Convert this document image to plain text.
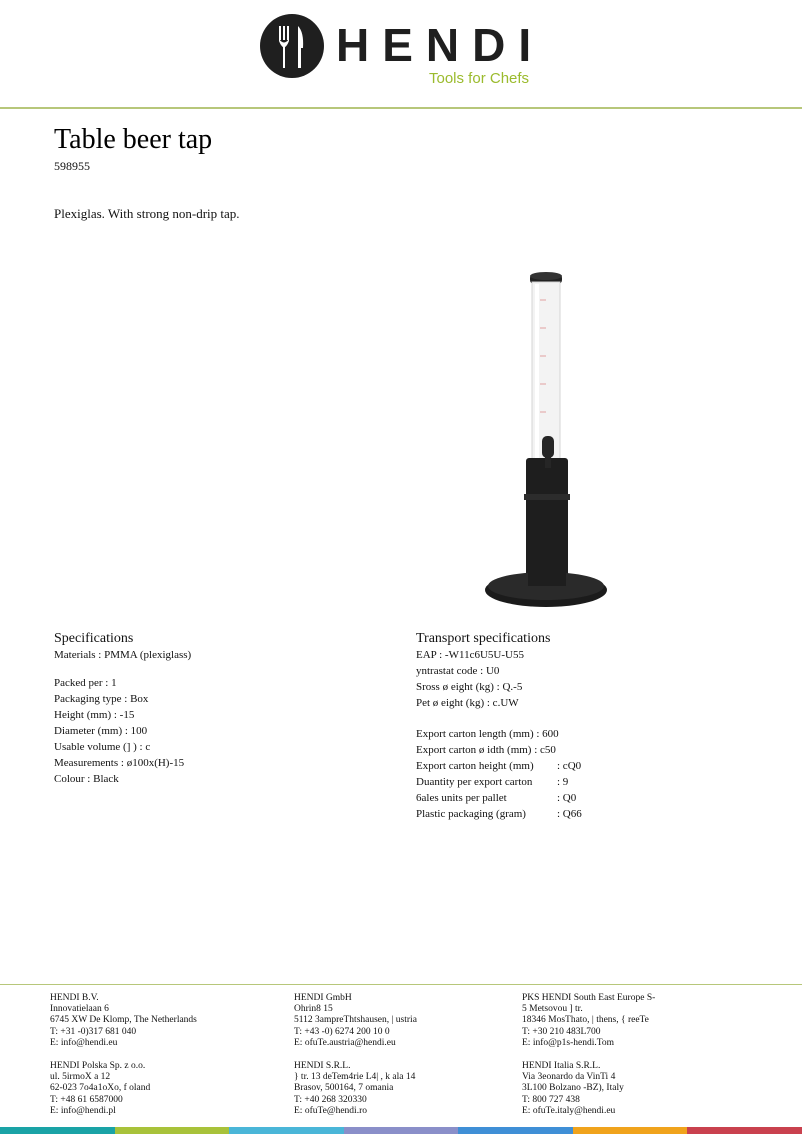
HENDI
Tools for Chefs
Table beer tap
598955
Plexiglas. With strong non-drip tap.
Specifications
Materials : PMMA (plexiglass)
Packed per : 1
Packaging type : Box
Height (mm) : -15
Diameter (mm) : 100
Usable volume (] ) : c
Measurements : ø100x(H)-15
Colour : Black
Transport specifications
EAP : -W11c6U5U-U55
yntrastat code : U0
Sross ø eight (kg) : Q.-5
Pet ø eight (kg) : c.UW
Export carton length (mm) : 600
Export carton ø idth (mm) : c50
Export carton height (mm) : cQ0
Duantity per export carton : 9
6ales units per pallet	: Q0
Plastic packaging (gram)	: Q66
HENDI B.V.
Innovatielaan 6
6745 XW De Klomp, The Netherlands
T: +31 -0)317 681 040
E: info@hendi.eu
HENDI GmbH
Ohrin8 15
5112 3ampreThtshausen, | ustria
T: +43 -0) 6274 200 10 0
E: ofuTe.austria@hendi.eu
PKS HENDI South East Europe S-
5 Metsovou ] tr.
18346 MosThato, | thens, { reeTe
T: +30 210 483L700
E: info@p1s-hendi.Tom
HENDI Polska Sp. z o.o.
ul. 5irmoX a 12
62-023 7o4a1oXo, f oland
T: +48 61 6587000
E: info@hendi.pl
HENDI S.R.L.
} tr. 13 deTem4rie L4| , k ala 14
Brasov, 500164, 7 omania
T: +40 268 320330
E: ofuTe@hendi.ro
HENDI Italia S.R.L.
Via 3eonardo da VinTi 4
3L100 Bolzano -BZ), Italy
T: 800 727 438
E: ofuTe.italy@hendi.eu
